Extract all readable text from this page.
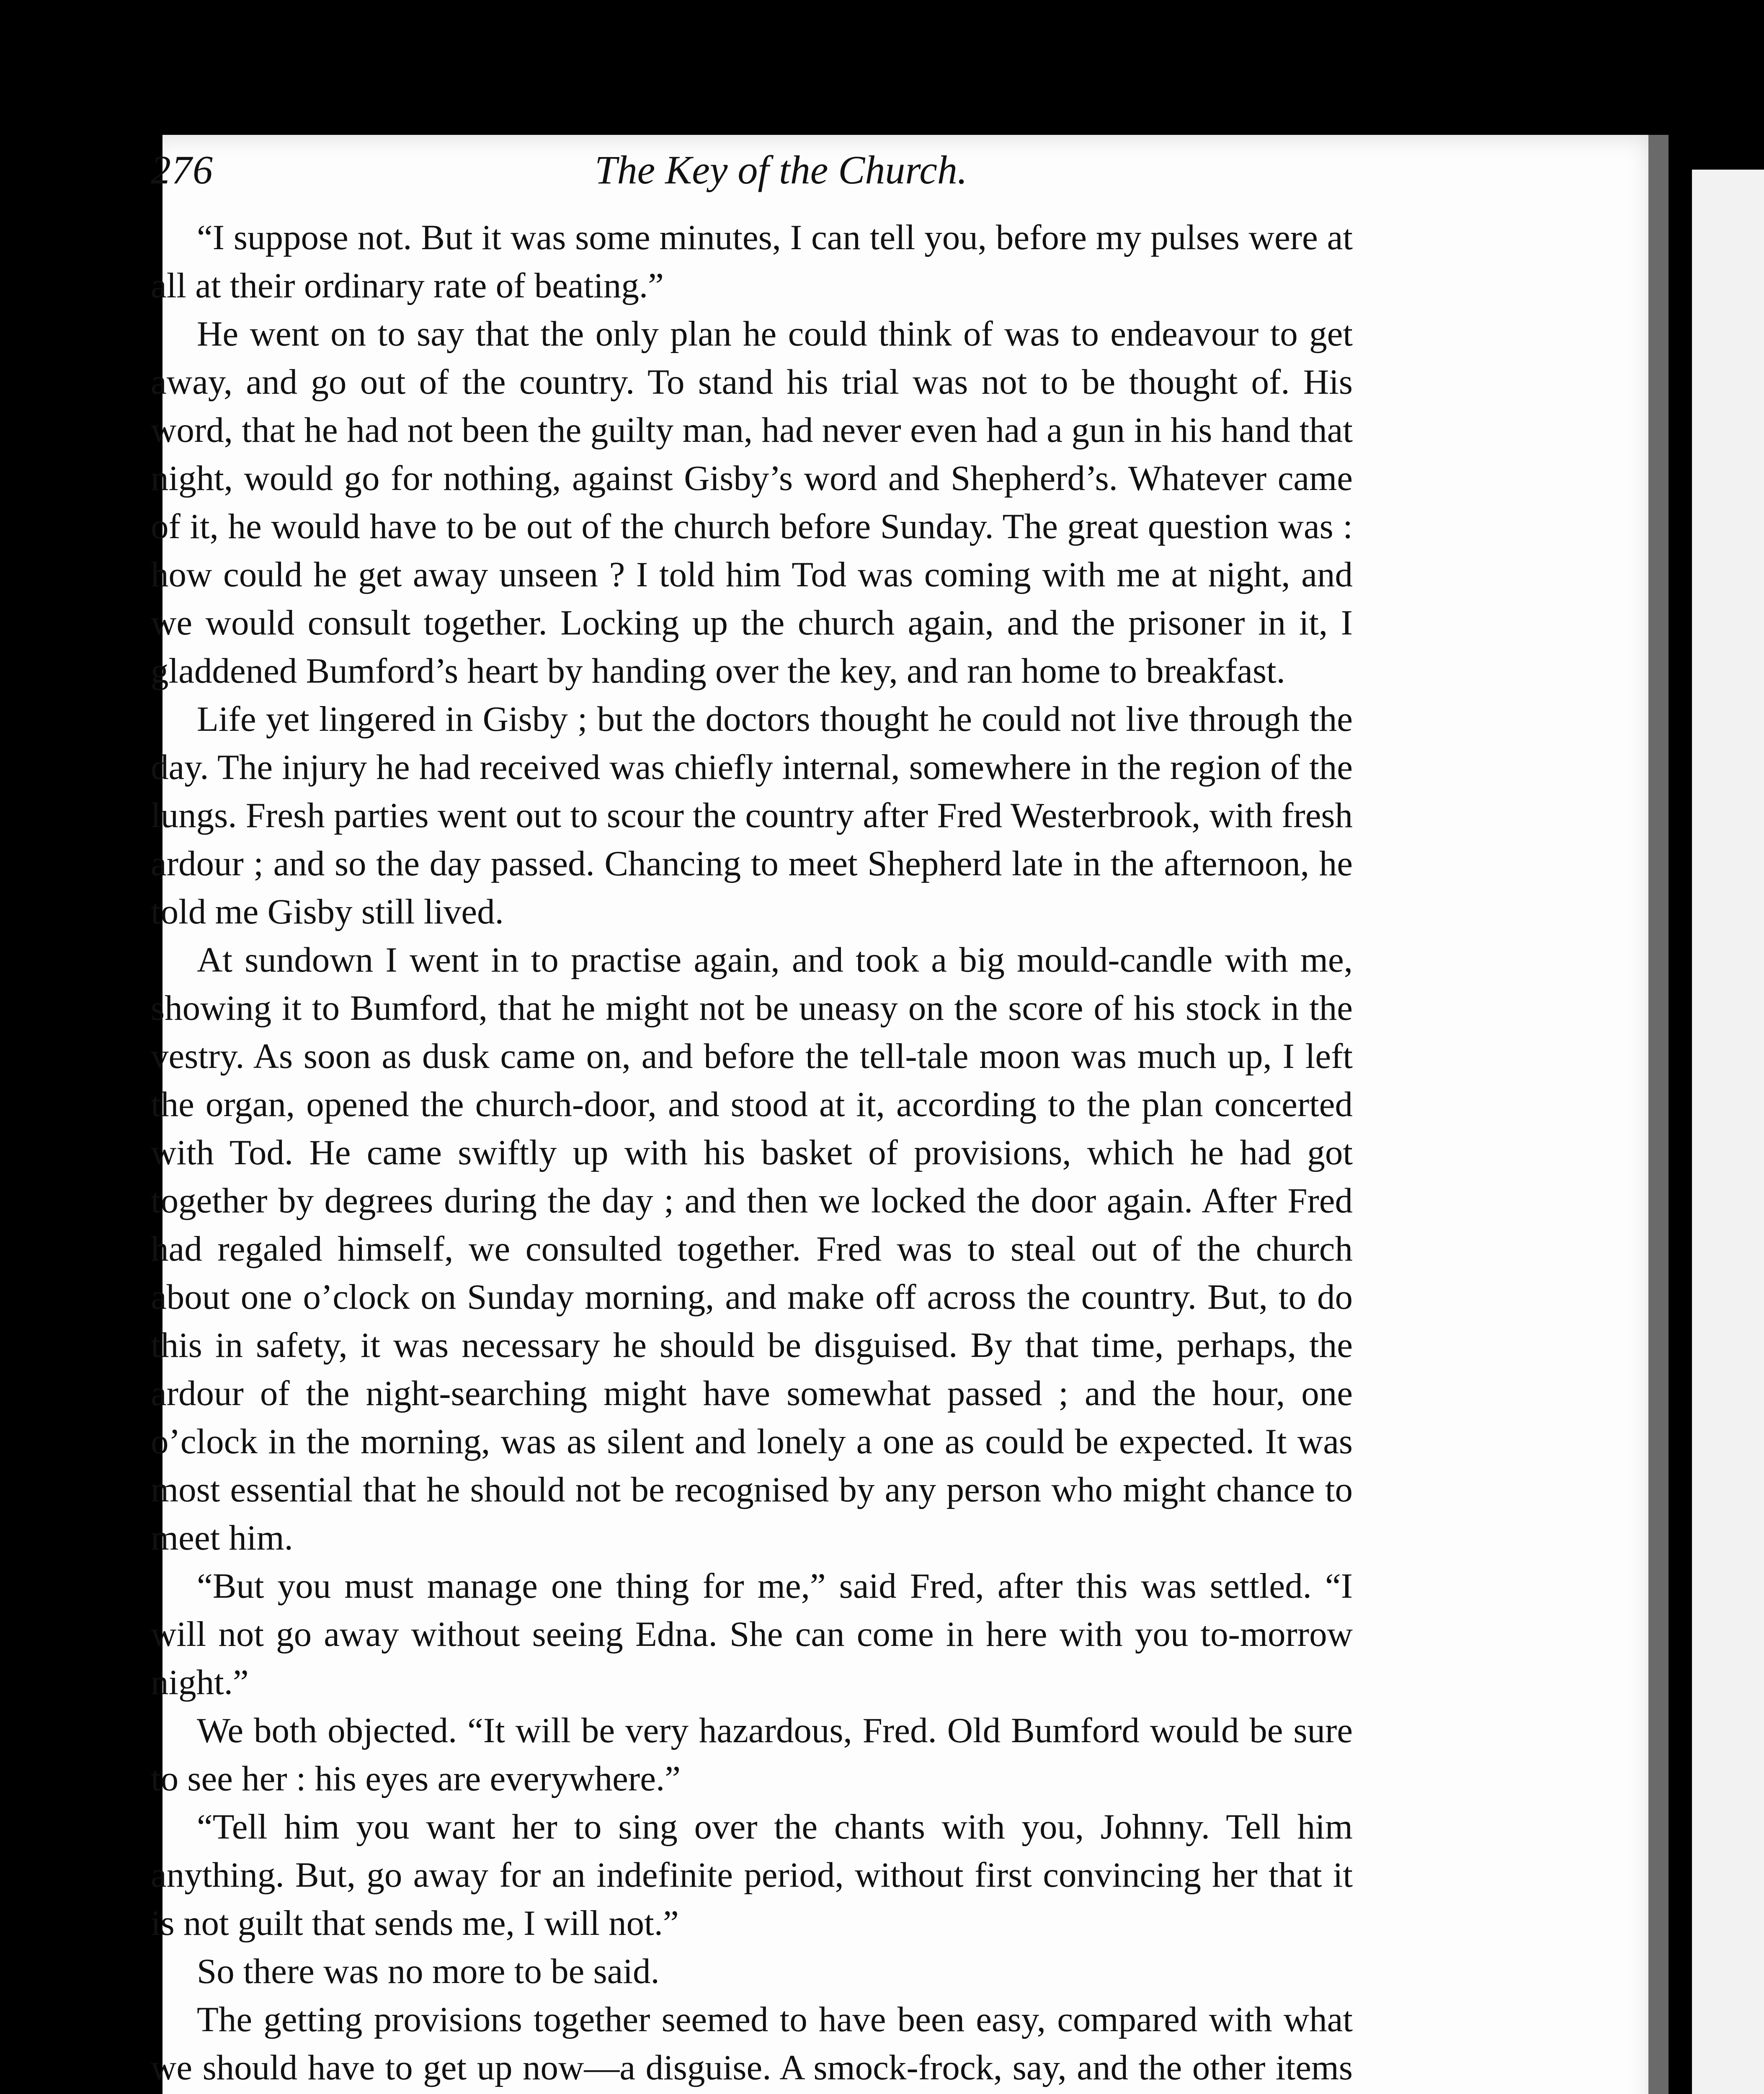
276	The Key of the Church.

“I suppose not. But it was some minutes, I can tell you, before my pulses were at all at their ordinary rate of beating.”

He went on to say that the only plan he could think of was to endeavour to get away, and go out of the country. To stand his trial was not to be thought of. His word, that he had not been the guilty man, had never even had a gun in his hand that night, would go for nothing, against Gisby’s word and Shepherd’s. Whatever came of it, he would have to be out of the church before Sunday. The great question was : how could he get away unseen ? I told him Tod was coming with me at night, and we would consult together. Locking up the church again, and the prisoner in it, I gladdened Bumford’s heart by handing over the key, and ran home to breakfast.

Life yet lingered in Gisby ; but the doctors thought he could not live through the day. The injury he had received was chiefly internal, somewhere in the region of the lungs. Fresh parties went out to scour the country after Fred Westerbrook, with fresh ardour ; and so the day passed. Chancing to meet Shepherd late in the afternoon, he told me Gisby still lived.

At sundown I went in to practise again, and took a big mould-candle with me, showing it to Bumford, that he might not be uneasy on the score of his stock in the vestry. As soon as dusk came on, and before the tell-tale moon was much up, I left the organ, opened the church-door, and stood at it, according to the plan concerted with Tod. He came swiftly up with his basket of provisions, which he had got together by degrees during the day ; and then we locked the door again. After Fred had regaled himself, we consulted together. Fred was to steal out of the church about one o’clock on Sunday morning, and make off across the country. But, to do this in safety, it was necessary he should be disguised. By that time, perhaps, the ardour of the night-searching might have somewhat passed ; and the hour, one o’clock in the morning, was as silent and lonely a one as could be expected. It was most essential that he should not be recognised by any person who might chance to meet him.

“But you must manage one thing for me,” said Fred, after this was settled. “I will not go away without seeing Edna. She can come in here with you to-morrow night.”

We both objected. “It will be very hazardous, Fred. Old Bumford would be sure to see her : his eyes are everywhere.”

“Tell him you want her to sing over the chants with you, Johnny. Tell him anything. But, go away for an indefinite period, without first convincing her that it is not guilt that sends me, I will not.”

So there was no more to be said.

The getting provisions together seemed to have been easy, compared with what we should have to get up now—a disguise. A smock-frock, say, and the other items
